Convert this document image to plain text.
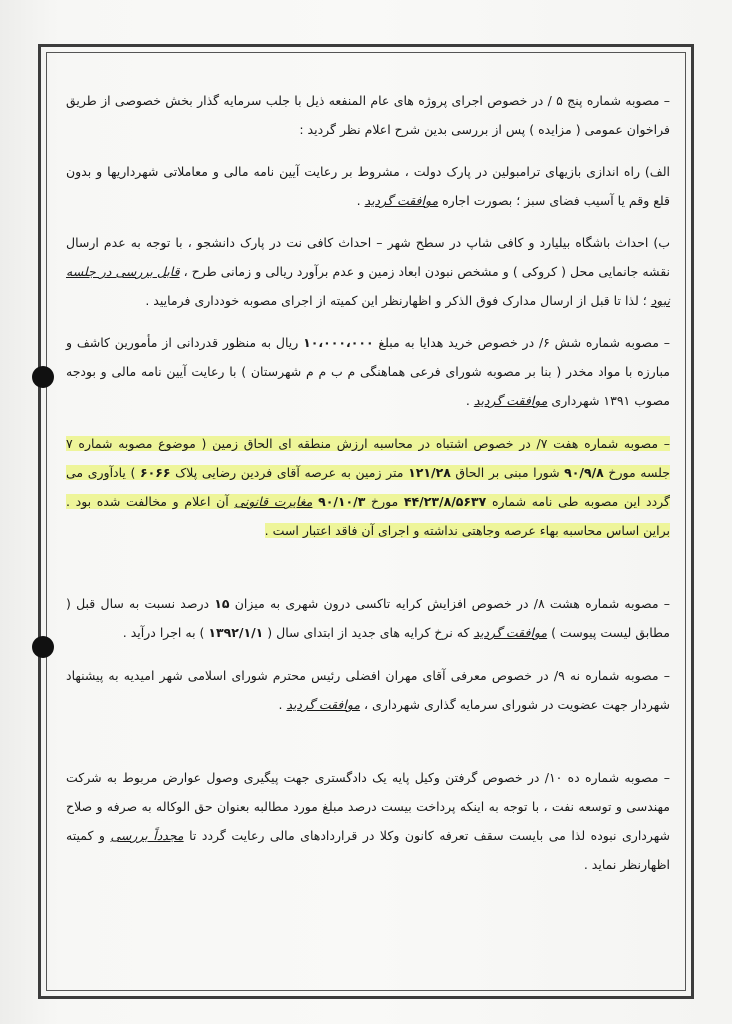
– مصوبه شماره پنج ‎/ ۵ در خصوص اجرای پروژه های عام المنفعه ذیل با جلب سرمایه گذار بخش خصوصی از طریق فراخوان عمومی ( مزایده ) پس از بررسی بدین شرح اعلام نظر گردید :

الف) راه اندازی بازیهای ترامبولین در پارک دولت ، مشروط بر رعایت آیین نامه مالی و معاملاتی شهرداریها و بدون قلع وقم یا آسیب فضای سبز ؛ بصورت اجاره موافقت گردید .

ب) احداث باشگاه بیلیارد و کافی شاپ در سطح شهر – احداث کافی نت در پارک دانشجو ، با توجه به عدم ارسال نقشه جانمایی محل ( کروکی ) و مشخص نبودن ابعاد زمین و عدم برآورد ریالی و زمانی طرح ، قابل بررسی در جلسه نبود ؛ لذا تا قبل از ارسال مدارک فوق الذکر و اظهارنظر این کمیته از اجرای مصوبه خودداری فرمایید .

– مصوبه شماره شش ‎/۶ در خصوص خرید هدایا به مبلغ ۱۰،۰۰۰،۰۰۰ ریال به منظور قدردانی از مأمورین کاشف و مبارزه با مواد مخدر ( بنا بر مصوبه شورای فرعی هماهنگی م ب م م شهرستان ) با رعایت آیین نامه مالی و بودجه مصوب ۱۳۹۱ شهرداری موافقت گردید .

– مصوبه شماره هفت ‎/۷ در خصوص اشتباه در محاسبه ارزش منطقه ای الحاق زمین ( موضوع مصوبه شماره ۷ جلسه مورخ ۹۰/۹/۸ شورا مبنی بر الحاق ۱۲۱/۲۸ متر زمین به عرصه آقای فردین رضایی پلاک ۶۰۶۶ ) یادآوری می گردد این مصوبه طی نامه شماره ۴۴/۲۳/۸/۵۶۳۷ مورخ ۹۰/۱۰/۳ مغایرت قانونی آن اعلام و مخالفت شده بود . براین اساس محاسبه بهاء عرصه وجاهتی نداشته و اجرای آن فاقد اعتبار است .

– مصوبه شماره هشت ‎/۸ در خصوص افزایش کرایه تاکسی درون شهری به میزان ۱۵ درصد نسبت به سال قبل ( مطابق لیست پیوست ) موافقت گردید که نرخ کرایه های جدید از ابتدای سال ( ۱۳۹۲/۱/۱ ) به اجرا درآید .

– مصوبه شماره نه ‎/۹ در خصوص معرفی آقای مهران افضلی رئیس محترم شورای اسلامی شهر امیدیه به پیشنهاد شهردار جهت عضویت در شورای سرمایه گذاری شهرداری ، موافقت گردید .

– مصوبه شماره ده ‎/۱۰ در خصوص گرفتن وکیل پایه یک دادگستری جهت پیگیری وصول عوارض مربوط به شرکت مهندسی و توسعه نفت ، با توجه به اینکه پرداخت بیست درصد مبلغ مورد مطالبه بعنوان حق الوکاله به صرفه و صلاح شهرداری نبوده لذا می بایست سقف تعرفه کانون وکلا در قراردادهای مالی رعایت گردد تا مجدداً بررسی و کمیته اظهارنظر نماید .
